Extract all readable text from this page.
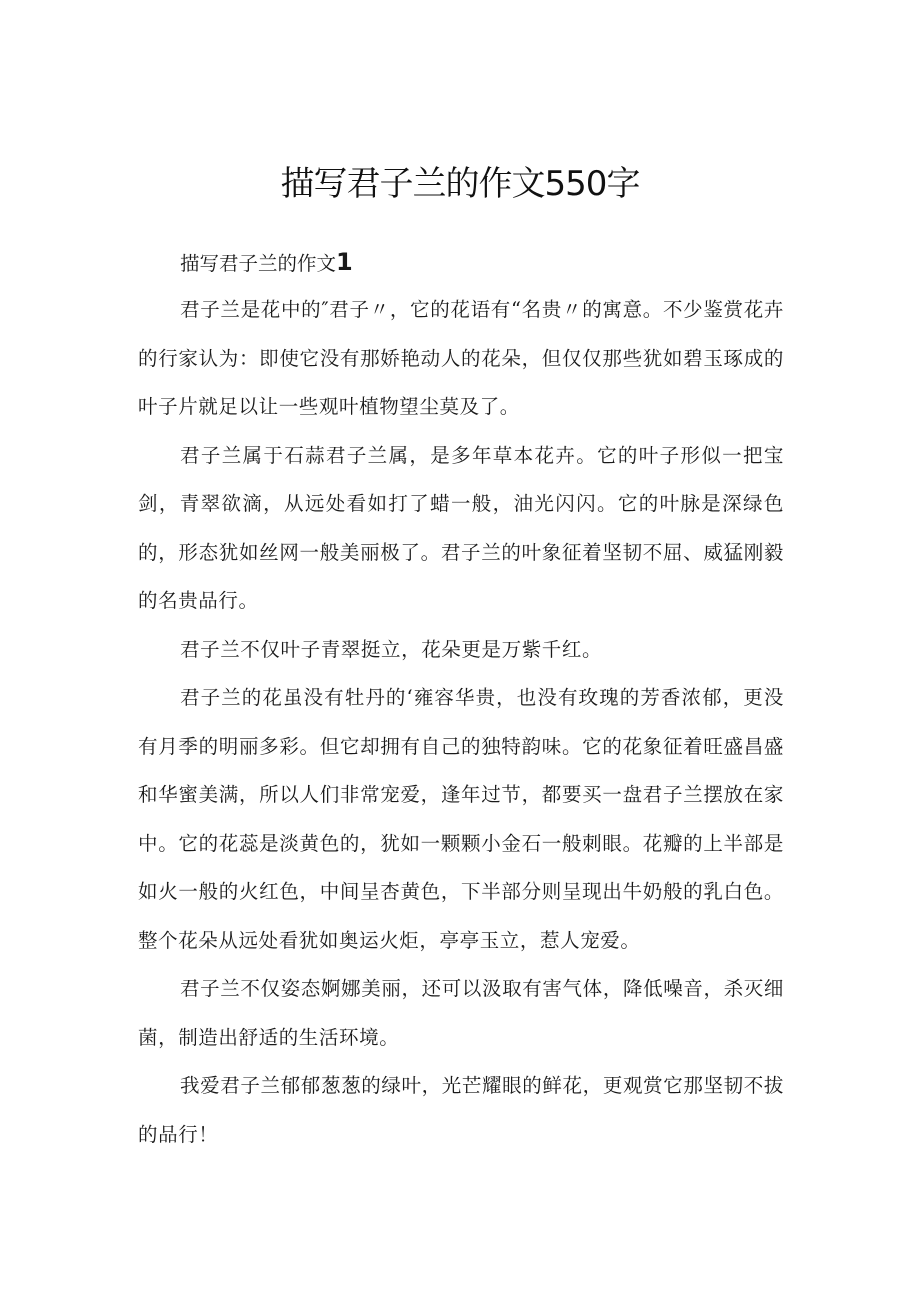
描写君子兰的作文550字

描写君子兰的作文1

君子兰是花中的″君子〃，它的花语有“名贵〃的寓意。不少鉴赏花卉的行家认为：即使它没有那娇艳动人的花朵，但仅仅那些犹如碧玉琢成的叶子片就足以让一些观叶植物望尘莫及了。

君子兰属于石蒜君子兰属，是多年草本花卉。它的叶子形似一把宝剑，青翠欲滴，从远处看如打了蜡一般，油光闪闪。它的叶脉是深绿色的，形态犹如丝网一般美丽极了。君子兰的叶象征着坚韧不屈、威猛刚毅的名贵品行。

君子兰不仅叶子青翠挺立，花朵更是万紫千红。

君子兰的花虽没有牡丹的‘雍容华贵，也没有玫瑰的芳香浓郁，更没有月季的明丽多彩。但它却拥有自己的独特韵味。它的花象征着旺盛昌盛和华蜜美满，所以人们非常宠爱，逢年过节，都要买一盘君子兰摆放在家中。它的花蕊是淡黄色的，犹如一颗颗小金石一般刺眼。花瓣的上半部是如火一般的火红色，中间呈杏黄色，下半部分则呈现出牛奶般的乳白色。整个花朵从远处看犹如奥运火炬，亭亭玉立，惹人宠爱。

君子兰不仅姿态婀娜美丽，还可以汲取有害气体，降低噪音，杀灭细菌，制造出舒适的生活环境。

我爱君子兰郁郁葱葱的绿叶，光芒耀眼的鲜花，更观赏它那坚韧不拔的品行！
